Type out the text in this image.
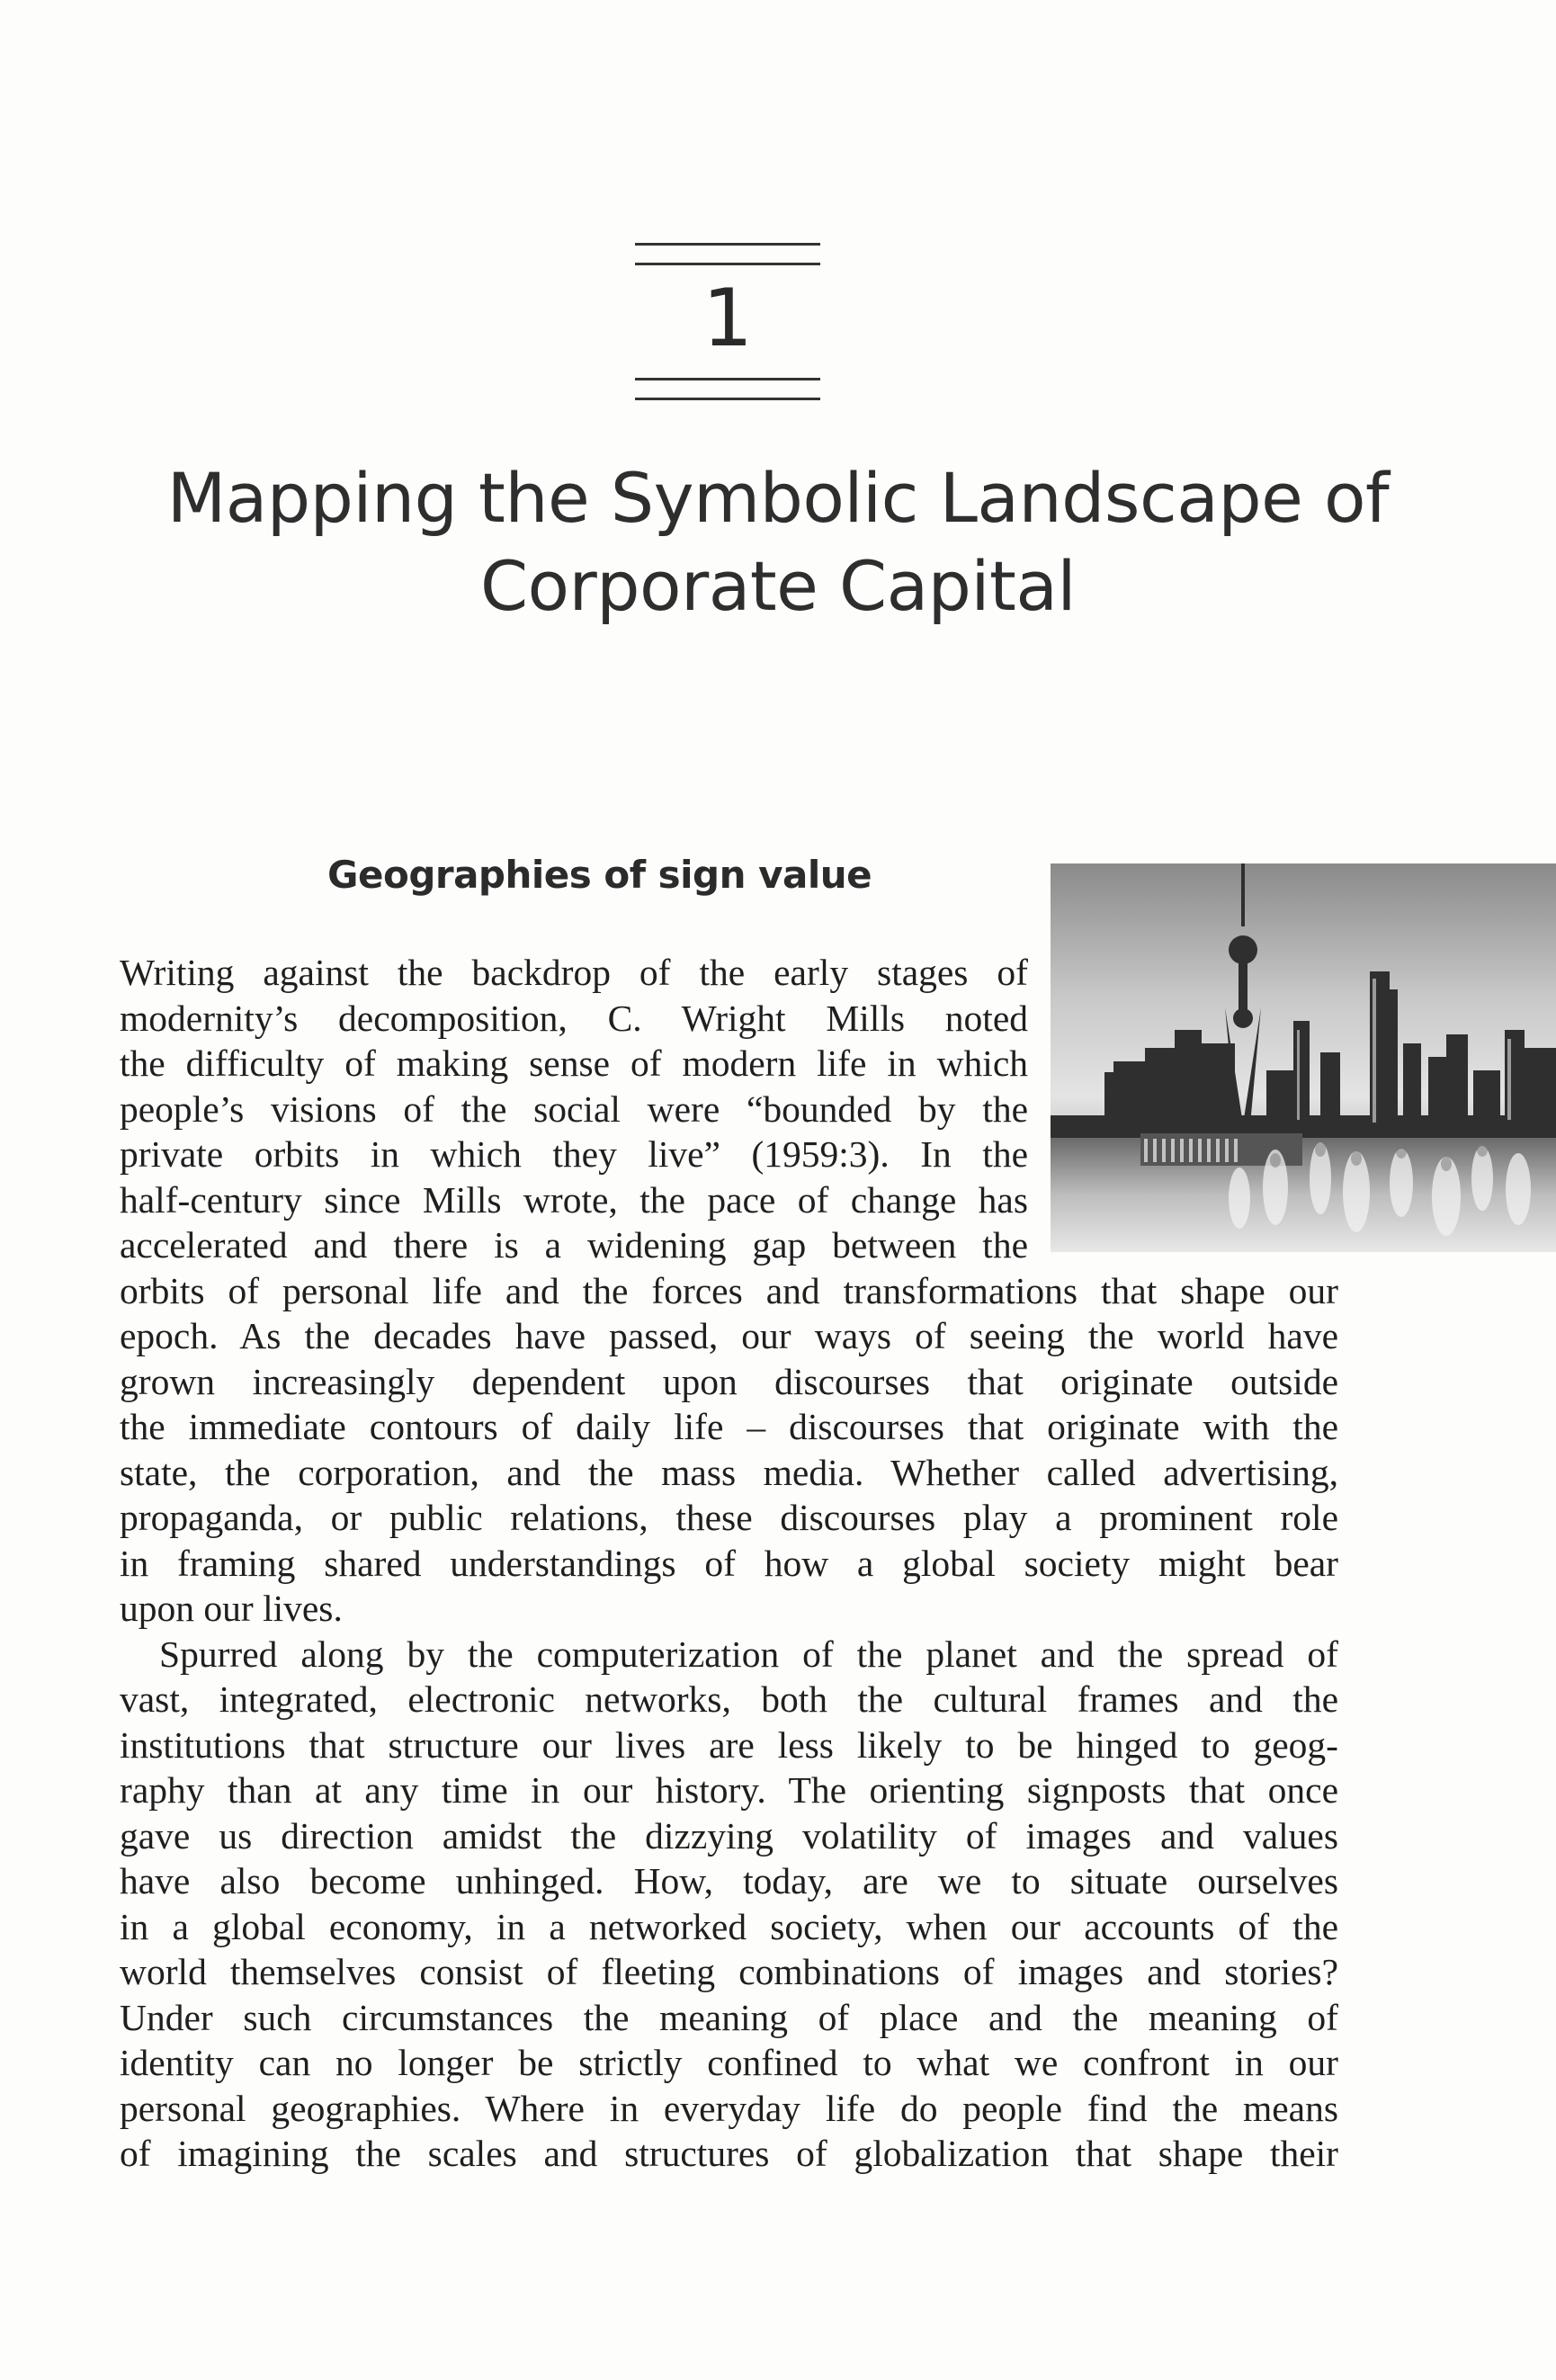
1
Mapping the Symbolic Landscape of
Corporate Capital
Geographies of sign value
Writing against the backdrop of the early stages of
modernity’s decomposition, C. Wright Mills noted
the difficulty of making sense of modern life in which
people’s visions of the social were “bounded by the
private orbits in which they live” (1959:3). In the
half-century since Mills wrote, the pace of change has
accelerated and there is a widening gap between the
orbits of personal life and the forces and transformations that shape our
epoch. As the decades have passed, our ways of seeing the world have
grown increasingly dependent upon discourses that originate outside
the immediate contours of daily life – discourses that originate with the
state, the corporation, and the mass media. Whether called advertising,
propaganda, or public relations, these discourses play a prominent role
in framing shared understandings of how a global society might bear
upon our lives.
Spurred along by the computerization of the planet and the spread of
vast, integrated, electronic networks, both the cultural frames and the
institutions that structure our lives are less likely to be hinged to geog-
raphy than at any time in our history. The orienting signposts that once
gave us direction amidst the dizzying volatility of images and values
have also become unhinged. How, today, are we to situate ourselves
in a global economy, in a networked society, when our accounts of the
world themselves consist of fleeting combinations of images and stories?
Under such circumstances the meaning of place and the meaning of
identity can no longer be strictly confined to what we confront in our
personal geographies. Where in everyday life do people find the means
of imagining the scales and structures of globalization that shape their
